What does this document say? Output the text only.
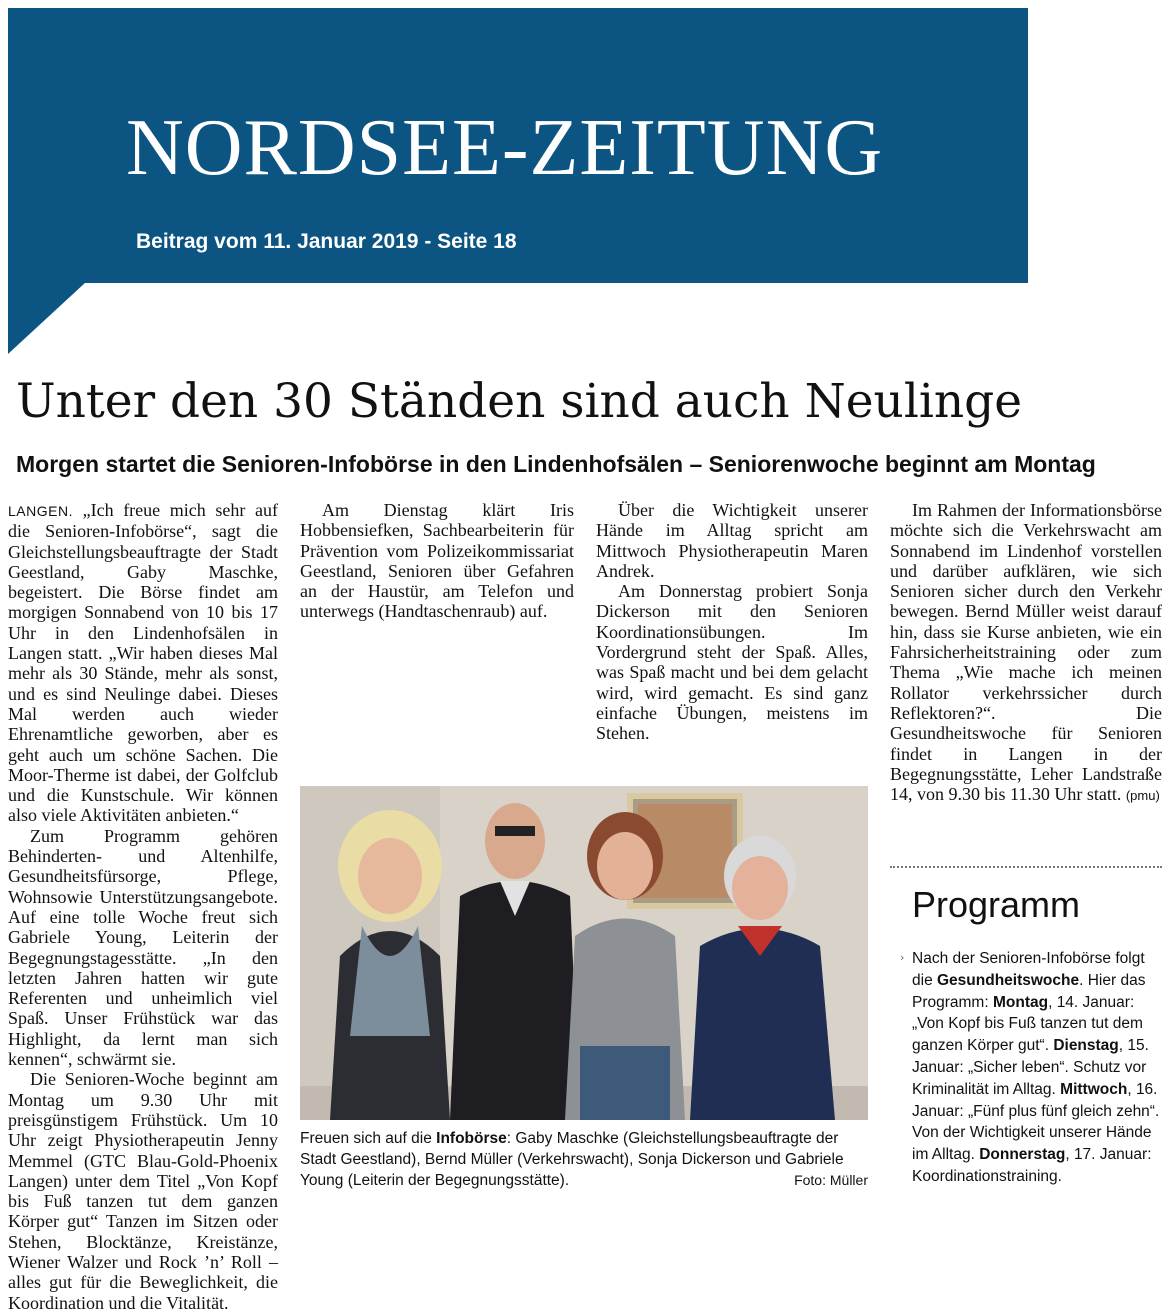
NORDSEE-ZEITUNG
Beitrag vom 11. Januar 2019 - Seite 18
Unter den 30 Ständen sind auch Neulinge
Morgen startet die Senioren-Infobörse in den Lindenhofsälen – Seniorenwoche beginnt am Montag

LANGEN. „Ich freue mich sehr auf die Senioren-Infobörse“, sagt die Gleichstellungsbeauftragte der Stadt Geestland, Gaby Maschke, begeistert. Die Börse findet am morgigen Sonnabend von 10 bis 17 Uhr in den Lindenhofsälen in Langen statt. „Wir haben dieses Mal mehr als 30 Stände, mehr als sonst, und es sind Neulinge dabei. Dieses Mal werden auch wieder Ehrenamtliche geworben, aber es geht auch um schöne Sachen. Die Moor-Therme ist dabei, der Golfclub und die Kunstschule. Wir können also viele Aktivitäten anbieten.“

Zum Programm gehören Behinderten- und Altenhilfe, Gesundheitsfürsorge, Pflege, Wohnsowie Unterstützungsangebote. Auf eine tolle Woche freut sich Gabriele Young, Leiterin der Begegnungstagesstätte. „In den letzten Jahren hatten wir gute Referenten und unheimlich viel Spaß. Unser Frühstück war das Highlight, da lernt man sich kennen“, schwärmt sie.

Die Senioren-Woche beginnt am Montag um 9.30 Uhr mit preisgünstigem Frühstück. Um 10 Uhr zeigt Physiotherapeutin Jenny Memmel (GTC Blau-Gold-Phoenix Langen) unter dem Titel „Von Kopf bis Fuß tanzen tut dem ganzen Körper gut“ Tanzen im Sitzen oder Stehen, Blocktänze, Kreistänze, Wiener Walzer und Rock ’n’ Roll – alles gut für die Beweglichkeit, die Koordination und die Vitalität.

Am Dienstag klärt Iris Hobbensiefken, Sachbearbeiterin für Prävention vom Polizeikommissariat Geestland, Senioren über Gefahren an der Haustür, am Telefon und unterwegs (Handtaschenraub) auf.

Über die Wichtigkeit unserer Hände im Alltag spricht am Mittwoch Physiotherapeutin Maren Andrek.

Am Donnerstag probiert Sonja Dickerson mit den Senioren Koordinationsübungen. Im Vordergrund steht der Spaß. Alles, was Spaß macht und bei dem gelacht wird, wird gemacht. Es sind ganz einfache Übungen, meistens im Stehen.

Im Rahmen der Informationsbörse möchte sich die Verkehrswacht am Sonnabend im Lindenhof vorstellen und darüber aufklären, wie sich Senioren sicher durch den Verkehr bewegen. Bernd Müller weist darauf hin, dass sie Kurse anbieten, wie ein Fahrsicherheitstraining oder zum Thema „Wie mache ich meinen Rollator verkehrssicher durch Reflektoren?“. Die Gesundheitswoche für Senioren findet in Langen in der Begegnungsstätte, Leher Landstraße 14, von 9.30 bis 11.30 Uhr statt. (pmu)

Freuen sich auf die Infobörse: Gaby Maschke (Gleichstellungsbeauftragte der Stadt Geestland), Bernd Müller (Verkehrswacht), Sonja Dickerson und Gabriele Young (Leiterin der Begegnungsstätte).	Foto: Müller
Programm
› Nach der Senioren-Infobörse folgt die Gesundheitswoche. Hier das Programm: Montag, 14. Januar: „Von Kopf bis Fuß tanzen tut dem ganzen Körper gut“. Dienstag, 15. Januar: „Sicher leben“. Schutz vor Kriminalität im Alltag. Mittwoch, 16. Januar: „Fünf plus fünf gleich zehn“. Von der Wichtigkeit unserer Hände im Alltag. Donnerstag, 17. Januar: Koordinationstraining.
